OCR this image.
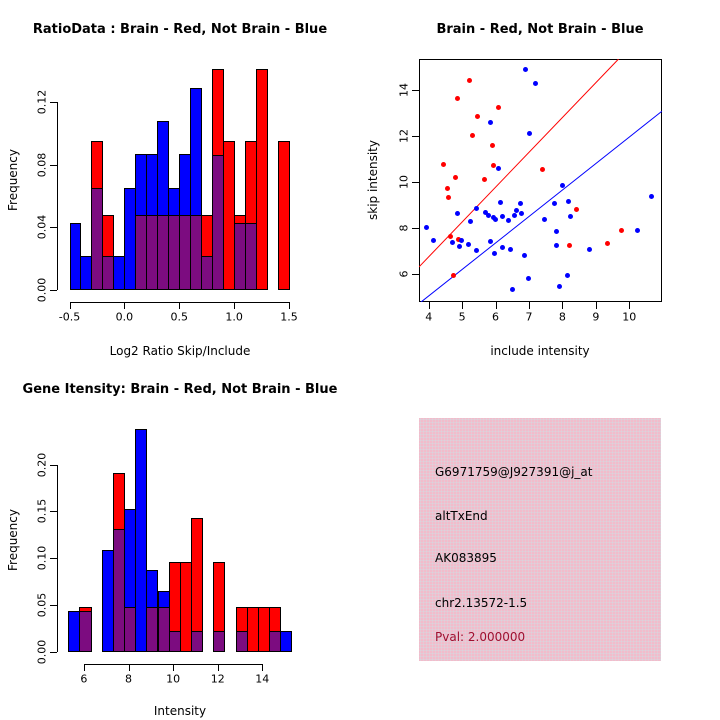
RatioData : Brain - Red, Not Brain - Blue
Frequency
Log2 Ratio Skip/Include
-0.5	0.0	0.5	1.0	1.5
0.00
0.04
0.08
0.12
Brain - Red, Not Brain - Blue
skip intensity
include intensity
4 5 6 7 8 9 10
6
8
10
12
14
Gene Itensity: Brain - Red, Not Brain - Blue
Frequency
Intensity
6	8	10	12	14
0.00
0.05
0.10
0.15
0.20	G6971759@J927391@j_at
altTxEnd
AK083895
chr2.13572-1.5
Pval: 2.000000
